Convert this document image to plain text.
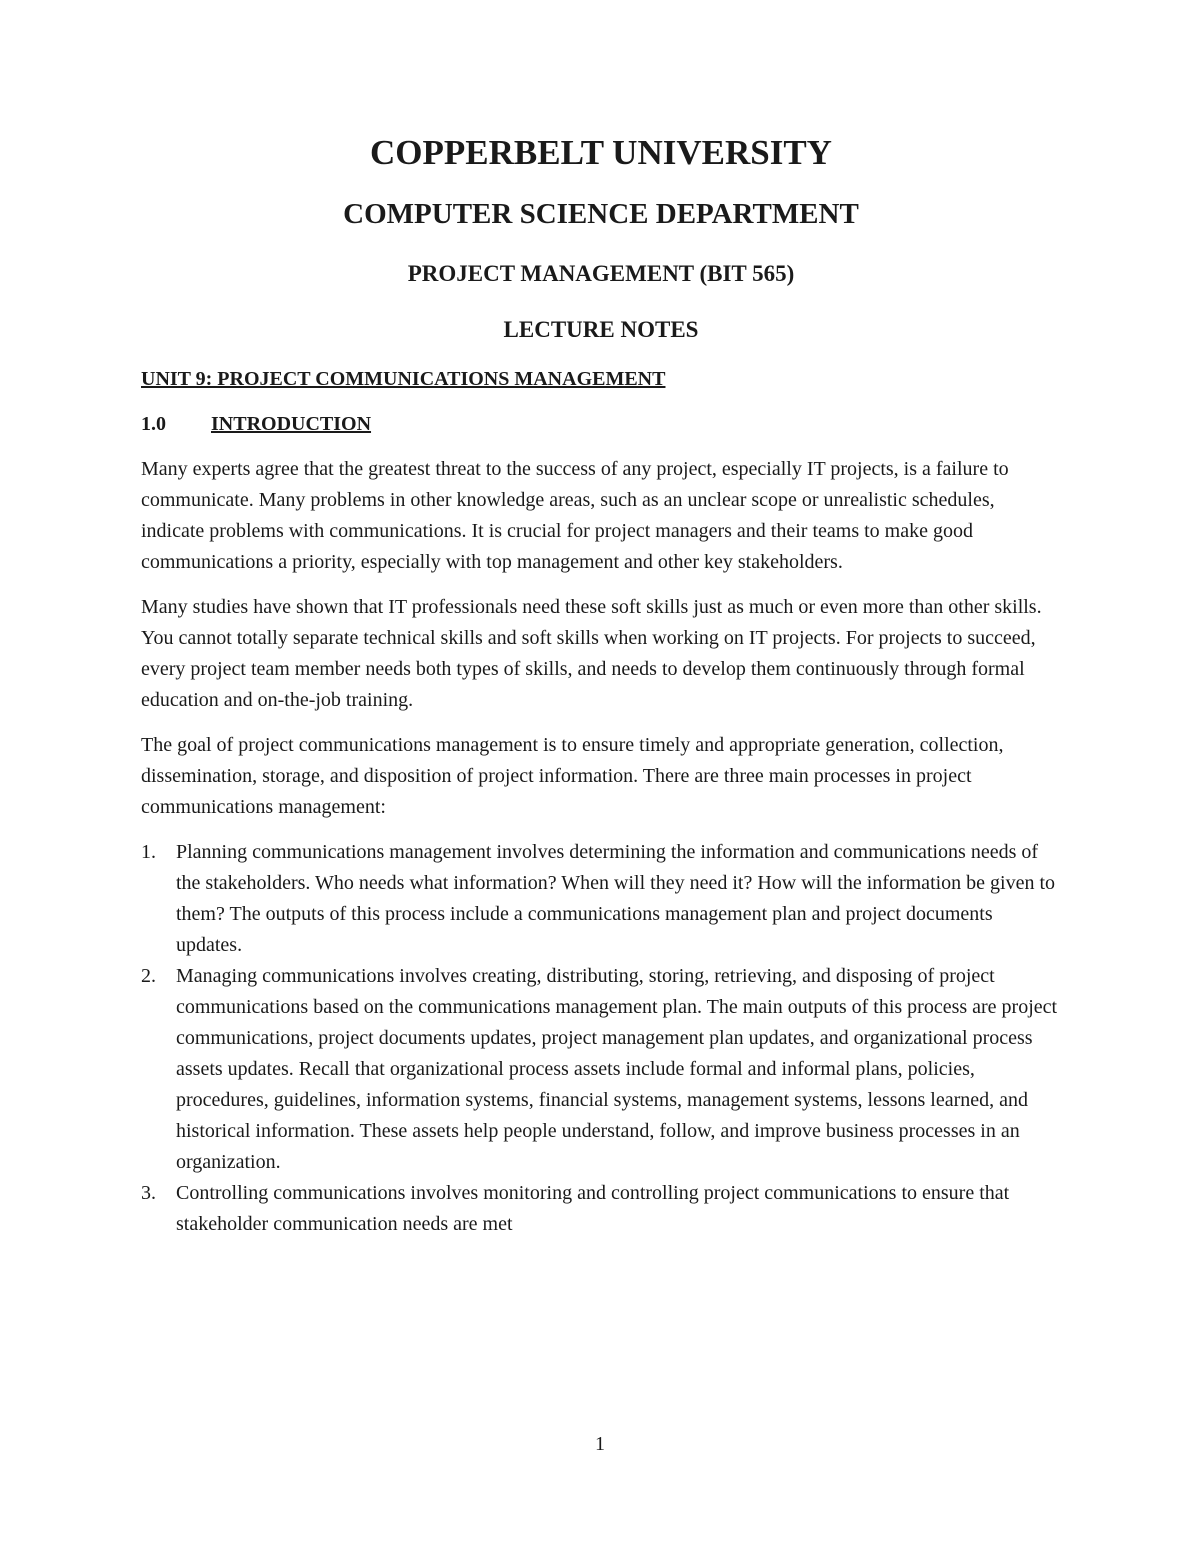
COPPERBELT UNIVERSITY
COMPUTER SCIENCE DEPARTMENT
PROJECT MANAGEMENT (BIT 565)
LECTURE NOTES
UNIT 9: PROJECT COMMUNICATIONS MANAGEMENT
1.0	INTRODUCTION

Many experts agree that the greatest threat to the success of any project, especially IT projects, is a failure to communicate. Many problems in other knowledge areas, such as an unclear scope or unrealistic schedules, indicate problems with communications. It is crucial for project managers and their teams to make good communications a priority, especially with top management and other key stakeholders.

Many studies have shown that IT professionals need these soft skills just as much or even more than other skills. You cannot totally separate technical skills and soft skills when working on IT projects. For projects to succeed, every project team member needs both types of skills, and needs to develop them continuously through formal education and on-the-job training.

The goal of project communications management is to ensure timely and appropriate generation, collection, dissemination, storage, and disposition of project information. There are three main processes in project communications management:

1.	Planning communications management involves determining the information and communications needs of the stakeholders. Who needs what information? When will they need it? How will the information be given to them? The outputs of this process include a communications management plan and project documents updates.
2.	Managing communications involves creating, distributing, storing, retrieving, and disposing of project communications based on the communications management plan. The main outputs of this process are project communications, project documents updates, project management plan updates, and organizational process assets updates. Recall that organizational process assets include formal and informal plans, policies, procedures, guidelines, information systems, financial systems, management systems, lessons learned, and historical information. These assets help people understand, follow, and improve business processes in an organization.
3.	Controlling communications involves monitoring and controlling project communications to ensure that stakeholder communication needs are met
1
